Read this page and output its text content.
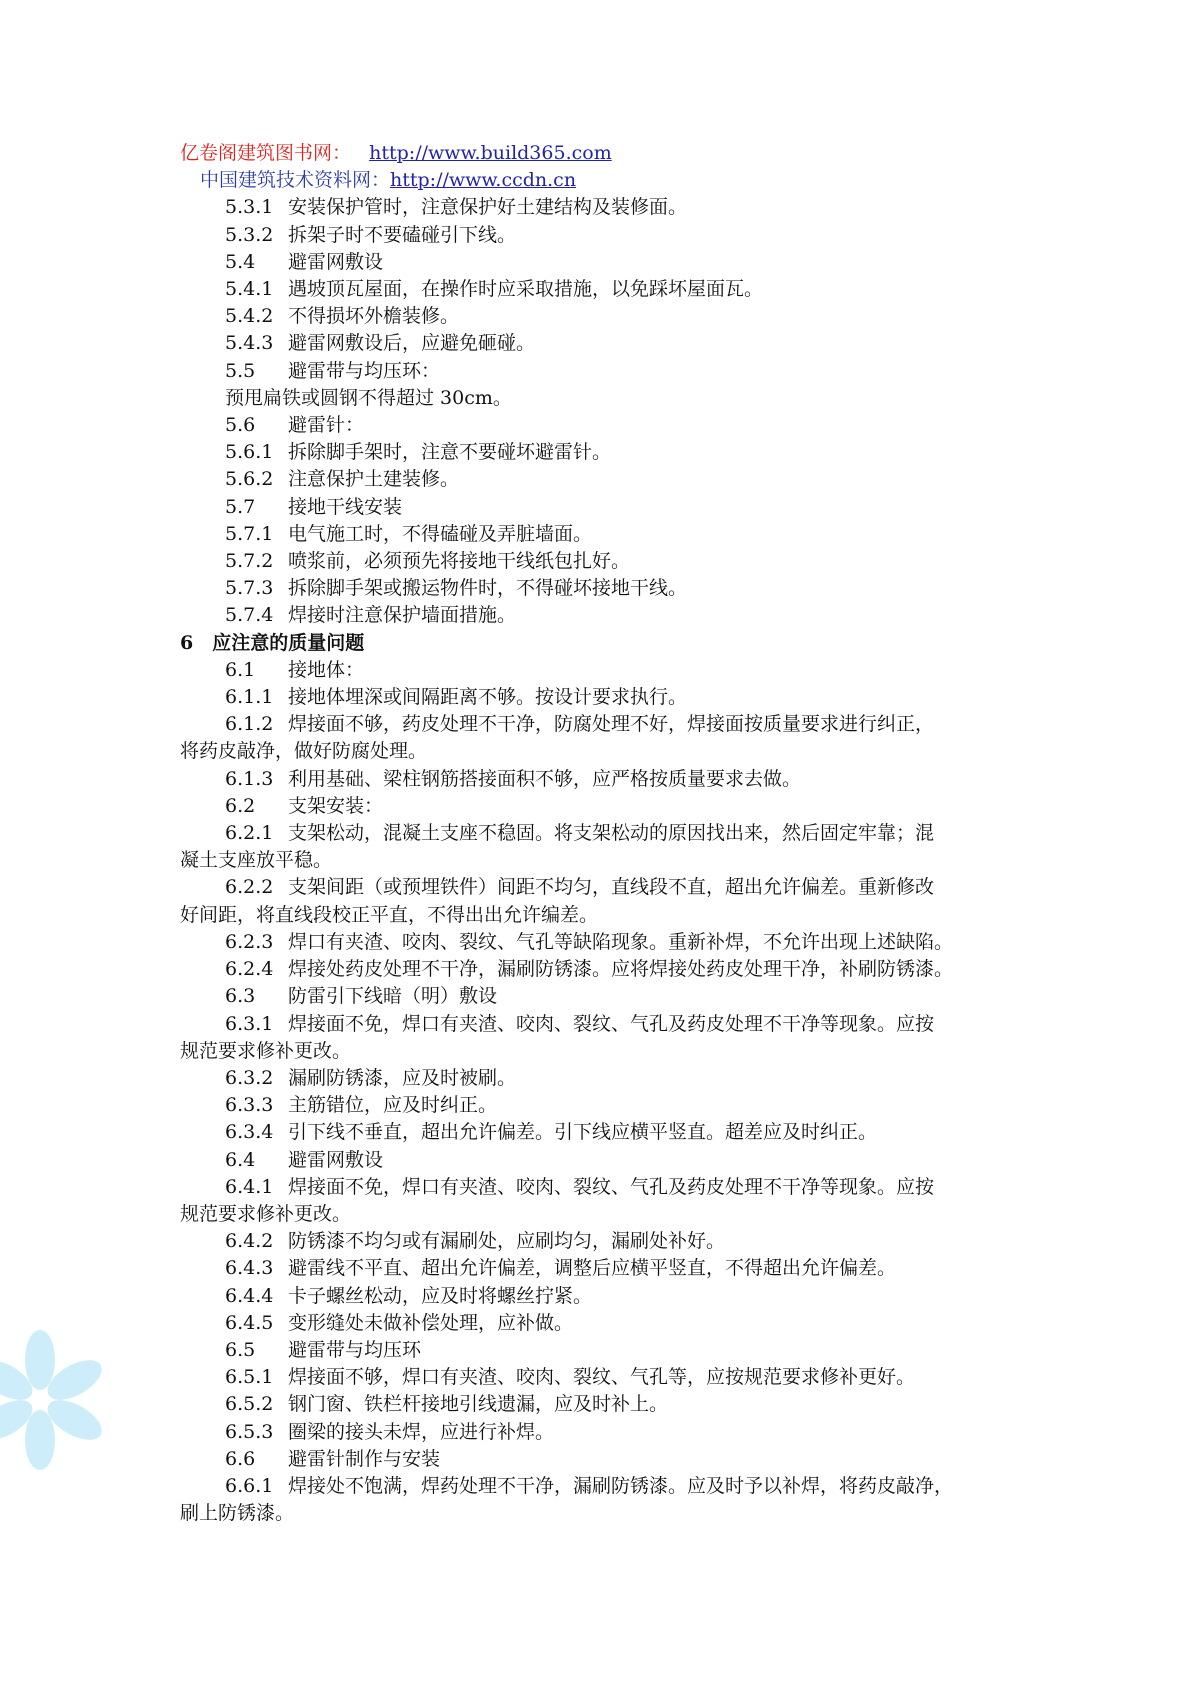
亿卷阁建筑图书网： http://www.build365.com
中国建筑技术资料网：http://www.ccdn.cn
5.3.1 安装保护管时，注意保护好土建结构及装修面。
5.3.2 拆架子时不要磕碰引下线。
5.4 避雷网敷设
5.4.1 遇坡顶瓦屋面，在操作时应采取措施，以免踩坏屋面瓦。
5.4.2 不得损坏外檐装修。
5.4.3 避雷网敷设后，应避免砸碰。
5.5 避雷带与均压环：
预甩扁铁或圆钢不得超过 30cm。
5.6 避雷针：
5.6.1 拆除脚手架时，注意不要碰坏避雷针。
5.6.2 注意保护土建装修。
5.7 接地干线安装
5.7.1 电气施工时，不得磕碰及弄脏墙面。
5.7.2 喷浆前，必须预先将接地干线纸包扎好。
5.7.3 拆除脚手架或搬运物件时，不得碰坏接地干线。
5.7.4 焊接时注意保护墙面措施。
6　应注意的质量问题
6.1 接地体：
6.1.1 接地体埋深或间隔距离不够。按设计要求执行。
6.1.2 焊接面不够，药皮处理不干净，防腐处理不好，焊接面按质量要求进行纠正，
将药皮敲净，做好防腐处理。
6.1.3 利用基础、梁柱钢筋搭接面积不够，应严格按质量要求去做。
6.2 支架安装：
6.2.1 支架松动，混凝土支座不稳固。将支架松动的原因找出来，然后固定牢靠；混
凝土支座放平稳。
6.2.2 支架间距（或预埋铁件）间距不均匀，直线段不直，超出允许偏差。重新修改
好间距，将直线段校正平直，不得出出允许编差。
6.2.3 焊口有夹渣、咬肉、裂纹、气孔等缺陷现象。重新补焊，不允许出现上述缺陷。
6.2.4 焊接处药皮处理不干净，漏刷防锈漆。应将焊接处药皮处理干净，补刷防锈漆。
6.3 防雷引下线暗（明）敷设
6.3.1 焊接面不免，焊口有夹渣、咬肉、裂纹、气孔及药皮处理不干净等现象。应按
规范要求修补更改。
6.3.2 漏刷防锈漆，应及时被刷。
6.3.3 主筋错位，应及时纠正。
6.3.4 引下线不垂直，超出允许偏差。引下线应横平竖直。超差应及时纠正。
6.4 避雷网敷设
6.4.1 焊接面不免，焊口有夹渣、咬肉、裂纹、气孔及药皮处理不干净等现象。应按
规范要求修补更改。
6.4.2 防锈漆不均匀或有漏刷处，应刷均匀，漏刷处补好。
6.4.3 避雷线不平直、超出允许偏差，调整后应横平竖直，不得超出允许偏差。
6.4.4 卡子螺丝松动，应及时将螺丝拧紧。
6.4.5 变形缝处未做补偿处理，应补做。
6.5 避雷带与均压环
6.5.1 焊接面不够，焊口有夹渣、咬肉、裂纹、气孔等，应按规范要求修补更好。
6.5.2 钢门窗、铁栏杆接地引线遗漏，应及时补上。
6.5.3 圈梁的接头未焊，应进行补焊。
6.6 避雷针制作与安装
6.6.1 焊接处不饱满，焊药处理不干净，漏刷防锈漆。应及时予以补焊，将药皮敲净，
刷上防锈漆。
